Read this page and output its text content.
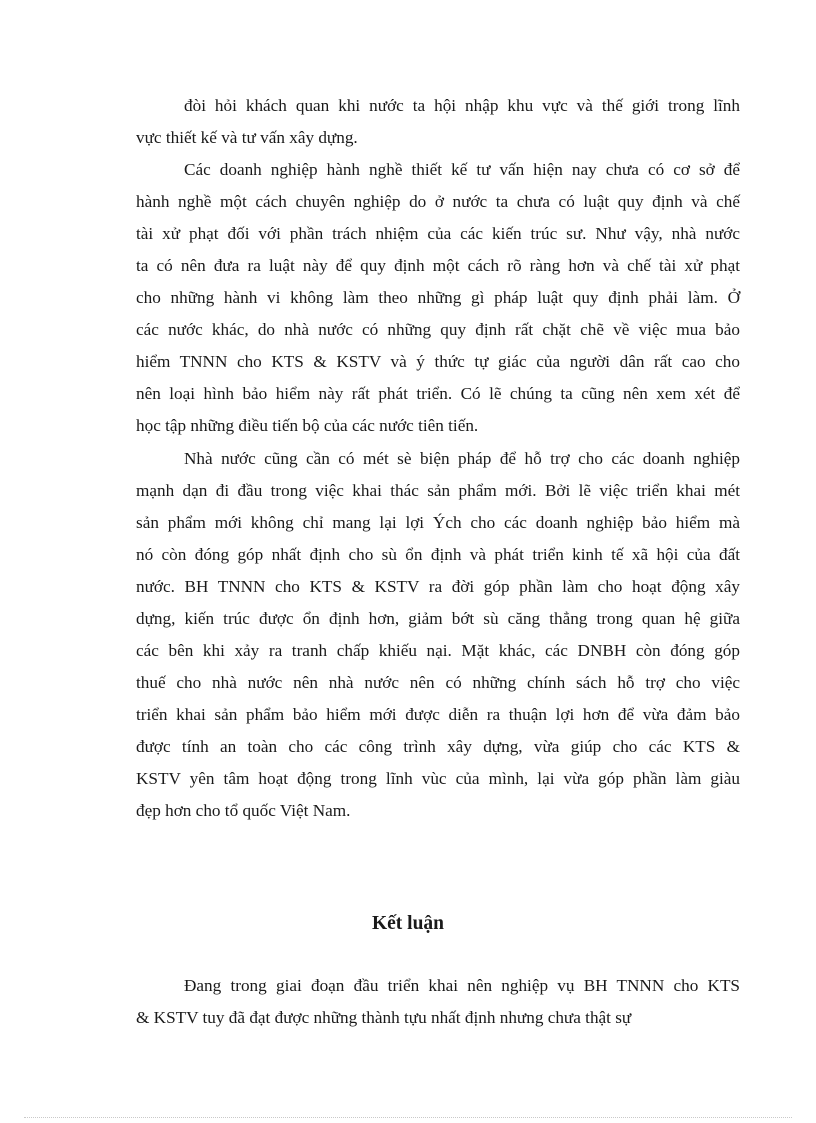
đòi hỏi khách quan khi nước ta hội nhập khu vực và thế giới trong lĩnh
vực thiết kế và tư vấn xây dựng.
Các doanh nghiệp hành nghề thiết kế tư vấn hiện nay chưa có cơ sở để
hành nghề một cách chuyên nghiệp do ở nước ta chưa có luật quy định và chế
tài xử phạt đối với phần trách nhiệm của các kiến trúc sư. Như vậy, nhà nước
ta có nên đưa ra luật này để quy định một cách rõ ràng hơn và chế tài xử phạt
cho những hành vi không làm theo những gì pháp luật quy định phải làm. Ở
các nước khác, do nhà nước có những quy định rất chặt chẽ về việc mua bảo
hiểm TNNN cho KTS & KSTV và ý thức tự giác của người dân rất cao cho
nên loại hình bảo hiểm này rất phát triển. Có lẽ chúng ta cũng nên xem xét để
học tập những điều tiến bộ của các nước tiên tiến.
Nhà nước cũng cần có mét sè biện pháp để hỗ trợ cho các doanh nghiệp
mạnh dạn đi đầu trong việc khai thác sản phẩm mới. Bởi lẽ việc triển khai mét
sản phẩm mới không chỉ mang lại lợi Ých cho các doanh nghiệp bảo hiểm mà
nó còn đóng góp nhất định cho sù ổn định và phát triển kinh tế xã hội của đất
nước. BH TNNN cho KTS & KSTV ra đời góp phần làm cho hoạt động xây
dựng, kiến trúc được ổn định hơn, giảm bớt sù căng thẳng trong quan hệ giữa
các bên khi xảy ra tranh chấp khiếu nại. Mặt khác, các DNBH còn đóng góp
thuế cho nhà nước nên nhà nước nên có những chính sách hỗ trợ cho việc
triển khai sản phẩm bảo hiểm mới được diễn ra thuận lợi hơn để vừa đảm bảo
được tính an toàn cho các công trình xây dựng, vừa giúp cho các KTS &
KSTV yên tâm hoạt động trong lĩnh vùc của mình, lại vừa góp phần làm giàu
đẹp hơn cho tổ quốc Việt Nam.
Kết luận
Đang trong giai đoạn đầu triển khai nên nghiệp vụ BH TNNN cho KTS
& KSTV tuy đã đạt được những thành tựu nhất định nhưng chưa thật sự
